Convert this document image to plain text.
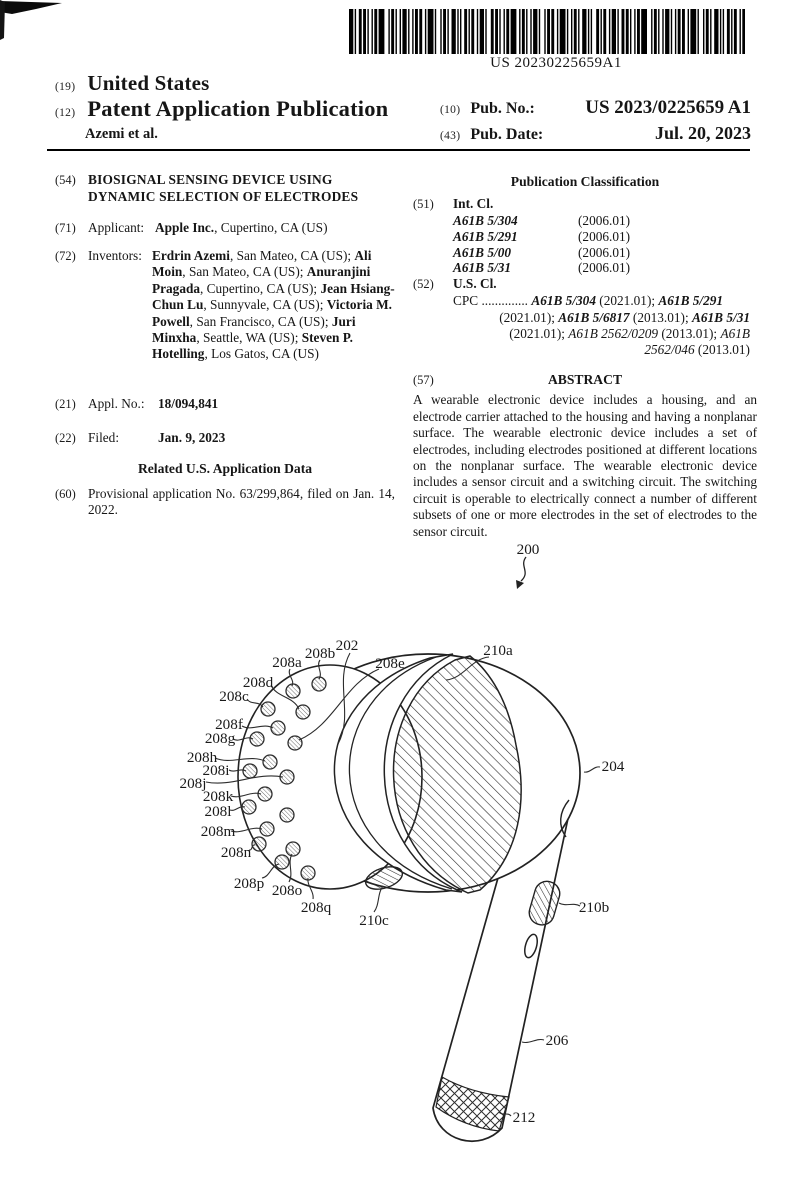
US 20230225659A1
(19) United States
(12) Patent Application Publication
Azemi et al.
(10) Pub. No.:	US 2023/0225659 A1
(43) Pub. Date:	Jul. 20, 2023
(54) BIOSIGNAL SENSING DEVICE USING DYNAMIC SELECTION OF ELECTRODES
(71) Applicant: Apple Inc., Cupertino, CA (US)
(72) Inventors: Erdrin Azemi, San Mateo, CA (US); Ali Moin, San Mateo, CA (US); Anuranjini Pragada, Cupertino, CA (US); Jean Hsiang-Chun Lu, Sunnyvale, CA (US); Victoria M. Powell, San Francisco, CA (US); Juri Minxha, Seattle, WA (US); Steven P. Hotelling, Los Gatos, CA (US)
(21) Appl. No.: 18/094,841
(22) Filed:	Jan. 9, 2023
Related U.S. Application Data
(60) Provisional application No. 63/299,864, filed on Jan. 14, 2022.
Publication Classification
(51) Int. Cl.
A61B 5/304	(2006.01)
A61B 5/291	(2006.01)
A61B 5/00	(2006.01)
A61B 5/31	(2006.01)
(52) U.S. Cl.
CPC .............. A61B 5/304 (2021.01); A61B 5/291
(2021.01); A61B 5/6817 (2013.01); A61B 5/31
(2021.01); A61B 2562/0209 (2013.01); A61B
2562/046 (2013.01)
(57)	ABSTRACT
A wearable electronic device includes a housing, and an electrode carrier attached to the housing and having a nonplanar surface. The wearable electronic device includes a set of electrodes, including electrodes positioned at different locations on the nonplanar surface. The wearable electronic device includes a sensor circuit and a switching circuit. The switching circuit is operable to electrically connect a number of different subsets of one or more electrodes in the set of electrodes to the sensor circuit.
200
202
204
206
212
208a
208b
208c
208d
208e
208f
208g
208h
208i
208j
208k
208l
208m
208n
208o
208p
208q
210a
210b
210c
